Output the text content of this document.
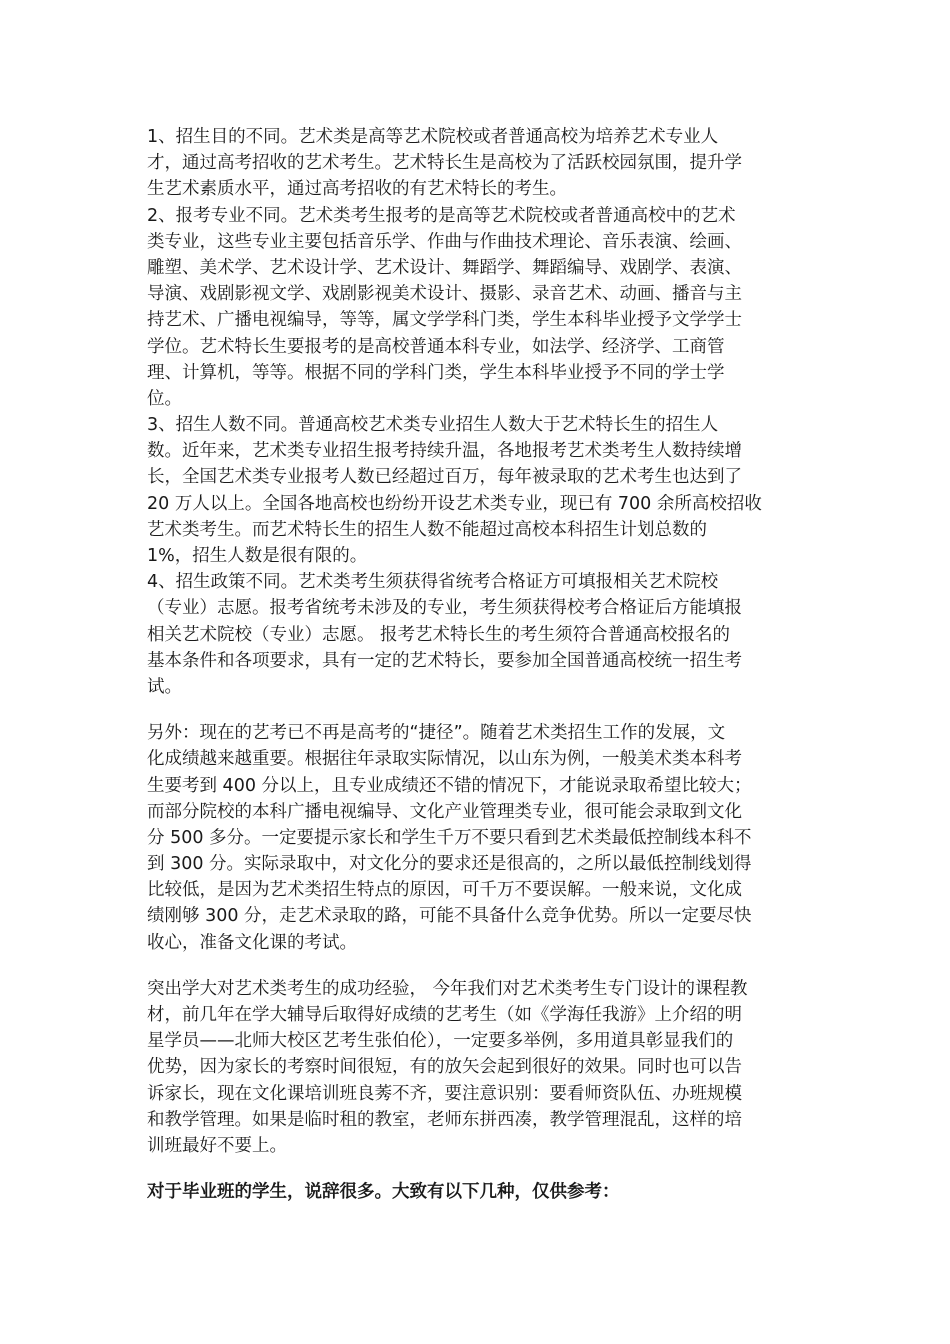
1、招生目的不同。艺术类是高等艺术院校或者普通高校为培养艺术专业人
才，通过高考招收的艺术考生。艺术特长生是高校为了活跃校园氛围，提升学
生艺术素质水平，通过高考招收的有艺术特长的考生。
2、报考专业不同。艺术类考生报考的是高等艺术院校或者普通高校中的艺术
类专业，这些专业主要包括音乐学、作曲与作曲技术理论、音乐表演、绘画、
雕塑、美术学、艺术设计学、艺术设计、舞蹈学、舞蹈编导、戏剧学、表演、
导演、戏剧影视文学、戏剧影视美术设计、摄影、录音艺术、动画、播音与主
持艺术、广播电视编导，等等，属文学学科门类，学生本科毕业授予文学学士
学位。艺术特长生要报考的是高校普通本科专业，如法学、经济学、工商管
理、计算机，等等。根据不同的学科门类，学生本科毕业授予不同的学士学
位。
3、招生人数不同。普通高校艺术类专业招生人数大于艺术特长生的招生人
数。近年来，艺术类专业招生报考持续升温，各地报考艺术类考生人数持续增
长，全国艺术类专业报考人数已经超过百万，每年被录取的艺术考生也达到了
20 万人以上。全国各地高校也纷纷开设艺术类专业，现已有 700 余所高校招收
艺术类考生。而艺术特长生的招生人数不能超过高校本科招生计划总数的
1%，招生人数是很有限的。
4、招生政策不同。艺术类考生须获得省统考合格证方可填报相关艺术院校
（专业）志愿。报考省统考未涉及的专业，考生须获得校考合格证后方能填报
相关艺术院校（专业）志愿。 报考艺术特长生的考生须符合普通高校报名的
基本条件和各项要求，具有一定的艺术特长，要参加全国普通高校统一招生考
试。
另外：现在的艺考已不再是高考的“捷径”。随着艺术类招生工作的发展，文
化成绩越来越重要。根据往年录取实际情况，以山东为例，一般美术类本科考
生要考到 400 分以上，且专业成绩还不错的情况下，才能说录取希望比较大；
而部分院校的本科广播电视编导、文化产业管理类专业，很可能会录取到文化
分 500 多分。一定要提示家长和学生千万不要只看到艺术类最低控制线本科不
到 300 分。实际录取中，对文化分的要求还是很高的，之所以最低控制线划得
比较低，是因为艺术类招生特点的原因，可千万不要误解。一般来说，文化成
绩刚够 300 分，走艺术录取的路，可能不具备什么竞争优势。所以一定要尽快
收心，准备文化课的考试。
突出学大对艺术类考生的成功经验， 今年我们对艺术类考生专门设计的课程教
材，前几年在学大辅导后取得好成绩的艺考生（如《学海任我游》上介绍的明
星学员——北师大校区艺考生张伯伦），一定要多举例，多用道具彰显我们的
优势，因为家长的考察时间很短，有的放矢会起到很好的效果。同时也可以告
诉家长，现在文化课培训班良莠不齐，要注意识别：要看师资队伍、办班规模
和教学管理。如果是临时租的教室，老师东拼西凑，教学管理混乱，这样的培
训班最好不要上。
对于毕业班的学生，说辞很多。大致有以下几种，仅供参考：
